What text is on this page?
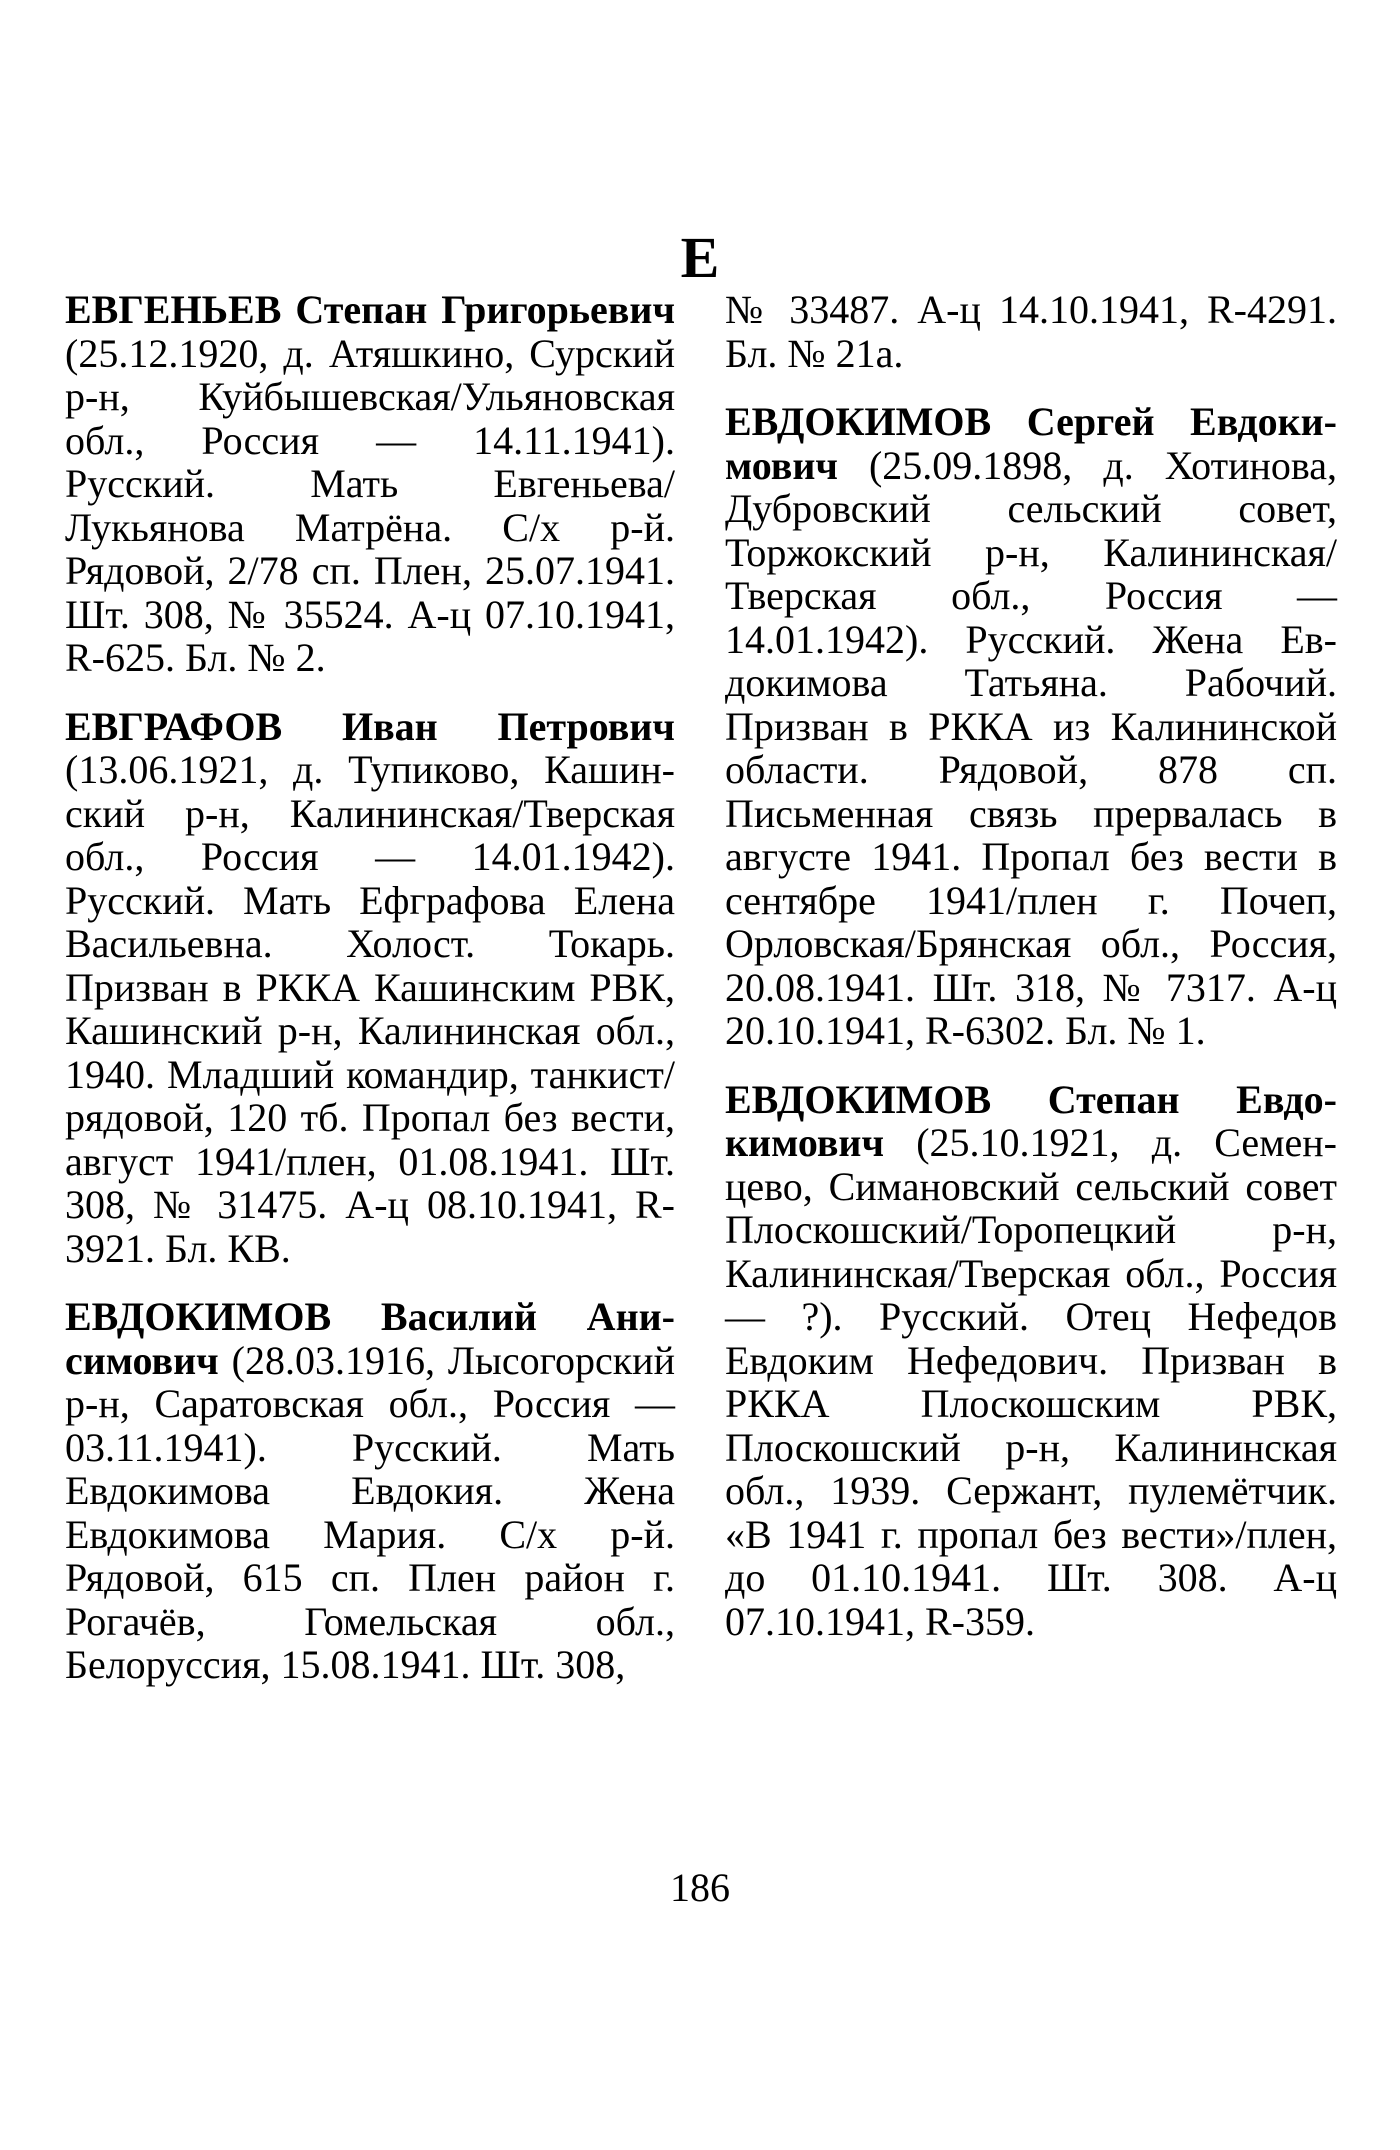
Е

ЕВГЕНЬЕВ Степан Григорьевич (25.12.1920, д. Атяшкино, Сурский р-н, Куйбышевская/Ульяновская обл., Россия — 14.11.1941). Русский. Мать Евгеньева/Лукьянова Матрёна. С/х р-й. Рядовой, 2/78 сп. Плен, 25.07.1941. Шт. 308, № 35524. А-ц 07.10.1941, R-625. Бл. № 2.

ЕВГРАФОВ Иван Петрович (13.06.1921, д. Тупиково, Кашинский р-н, Калининская/Тверская обл., Россия — 14.01.1942). Русский. Мать Ефграфова Елена Васильевна. Холост. Токарь. Призван в РККА Кашинским РВК, Кашинский р-н, Калининская обл., 1940. Младший командир, танкист/рядовой, 120 тб. Пропал без вести, август 1941/плен, 01.08.1941. Шт. 308, № 31475. А-ц 08.10.1941, R-3921. Бл. КВ.

ЕВДОКИМОВ Василий Анисимович (28.03.1916, Лысогорский р-н, Саратовская обл., Россия — 03.11.1941). Русский. Мать Евдокимова Евдокия. Жена Евдокимова Мария. С/х р-й. Рядовой, 615 сп. Плен район г. Рогачёв, Гомельская обл., Белоруссия, 15.08.1941. Шт. 308,

№ 33487. А-ц 14.10.1941, R-4291. Бл. № 21а.

ЕВДОКИМОВ Сергей Евдокимович (25.09.1898, д. Хотинова, Дубровский сельский совет, Торжокский р-н, Калининская/Тверская обл., Россия — 14.01.1942). Русский. Жена Евдокимова Татьяна. Рабочий. Призван в РККА из Калининской области. Рядовой, 878 сп. Письменная связь прервалась в августе 1941. Пропал без вести в сентябре 1941/плен г. Почеп, Орловская/Брянская обл., Россия, 20.08.1941. Шт. 318, № 7317. А-ц 20.10.1941, R-6302. Бл. № 1.

ЕВДОКИМОВ Степан Евдокимович (25.10.1921, д. Семенцево, Симановский сельский совет Плоскошский/Торопецкий р-н, Калининская/Тверская обл., Россия — ?). Русский. Отец Нефедов Евдоким Нефедович. Призван в РККА Плоскошским РВК, Плоскошский р-н, Калининская обл., 1939. Сержант, пулемётчик. «В 1941 г. пропал без вести»/плен, до 01.10.1941. Шт. 308. А-ц 07.10.1941, R-359.

186
